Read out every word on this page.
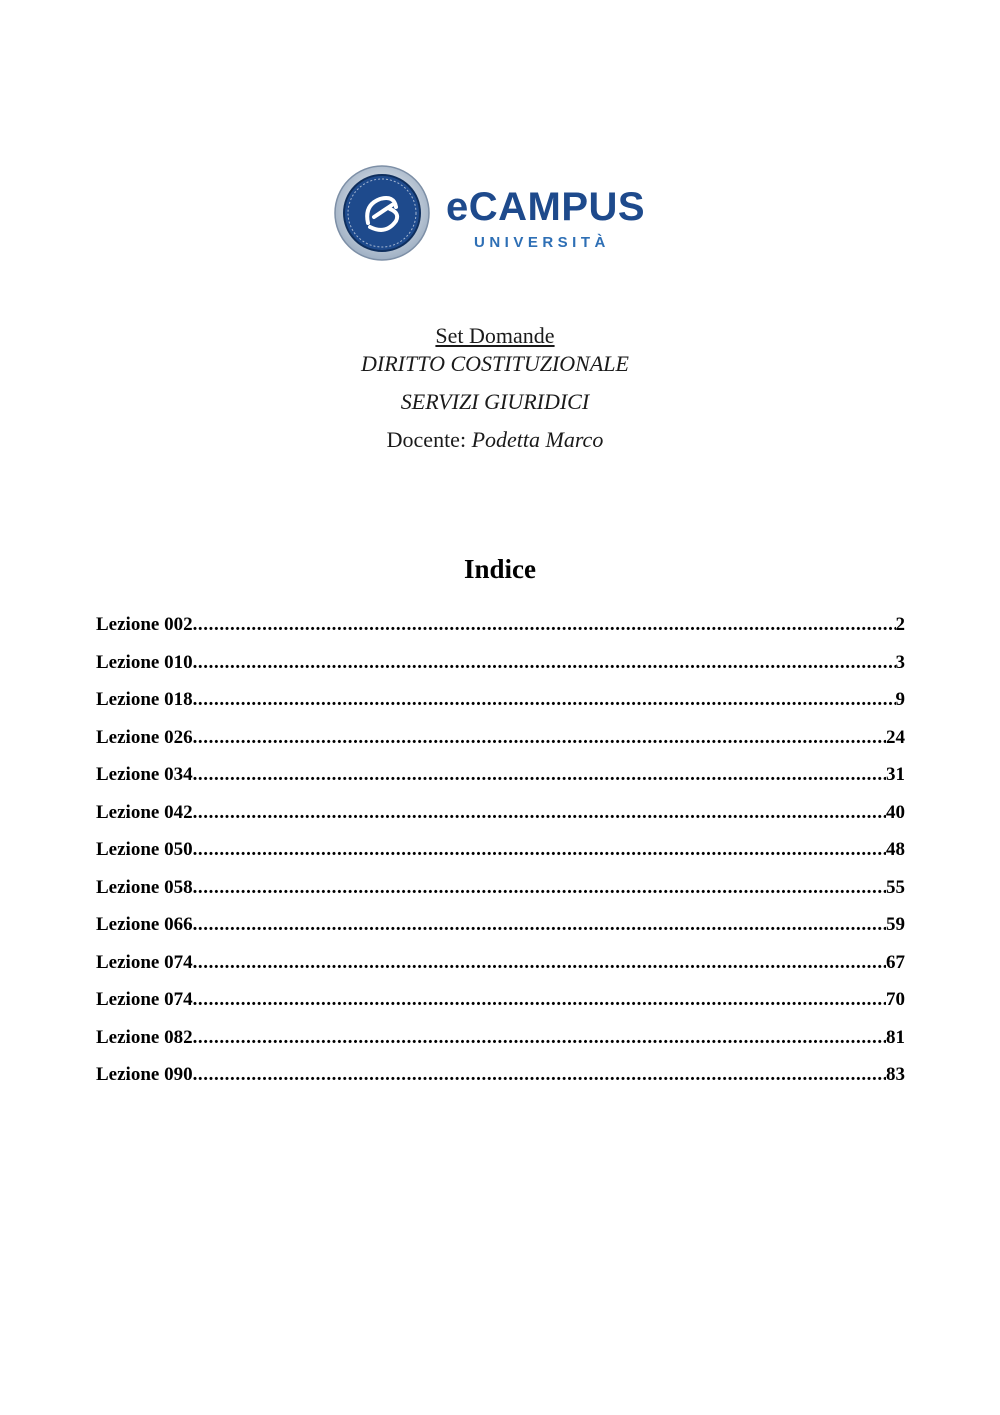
eCAMPUS
UNIVERSITÀ
Set Domande
DIRITTO COSTITUZIONALE
SERVIZI GIURIDICI
Docente: Podetta Marco
Indice
Lezione 002 .....	2
Lezione 010 .....	3
Lezione 018 .....	9
Lezione 026 .....	24
Lezione 034 .....	31
Lezione 042 .....	40
Lezione 050 .....	48
Lezione 058 .....	55
Lezione 066 .....	59
Lezione 074 .....	67
Lezione 074 .....	70
Lezione 082 .....	81
Lezione 090 .....	83
